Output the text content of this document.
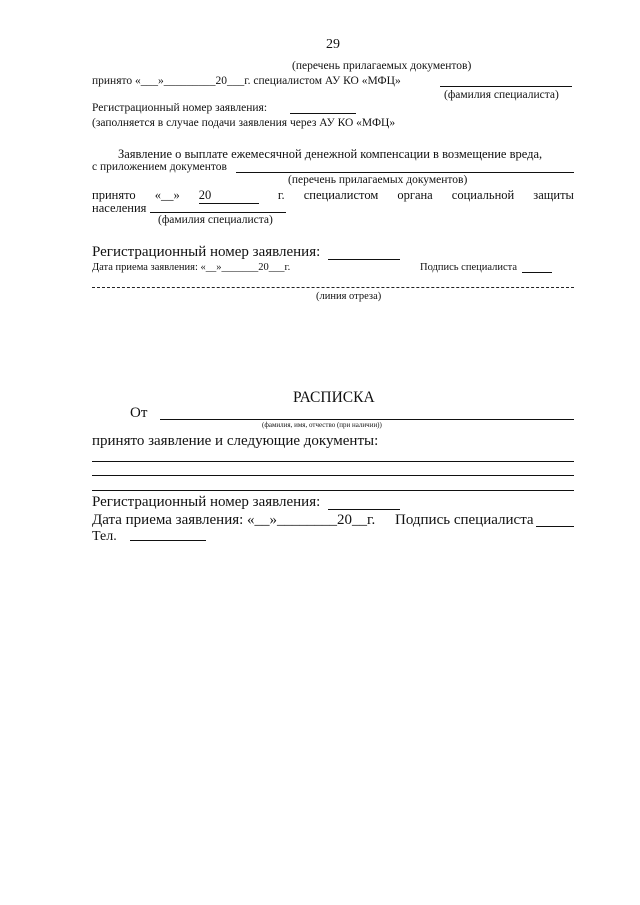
29
(перечень прилагаемых документов)
принято «___»_________20___г. специалистом АУ КО «МФЦ»
(фамилия специалиста)
Регистрационный номер заявления:
(заполняется в случае подачи заявления через АУ КО «МФЦ»
Заявление о выплате ежемесячной денежной компенсации в возмещение вреда,
с приложением документов
(перечень прилагаемых документов)
принято «__» 20	г. специалистом органа социальной защиты
населения
(фамилия специалиста)
Регистрационный номер заявления:
Дата приема заявления: «__»_______20___г.	Подпись специалиста
(линия отреза)
РАСПИСКА
От
(фамилия, имя, отчество (при наличии))
принято заявление и следующие документы:
Регистрационный номер заявления:
Дата приема заявления: «__»________20__г. Подпись специалиста
Тел.
